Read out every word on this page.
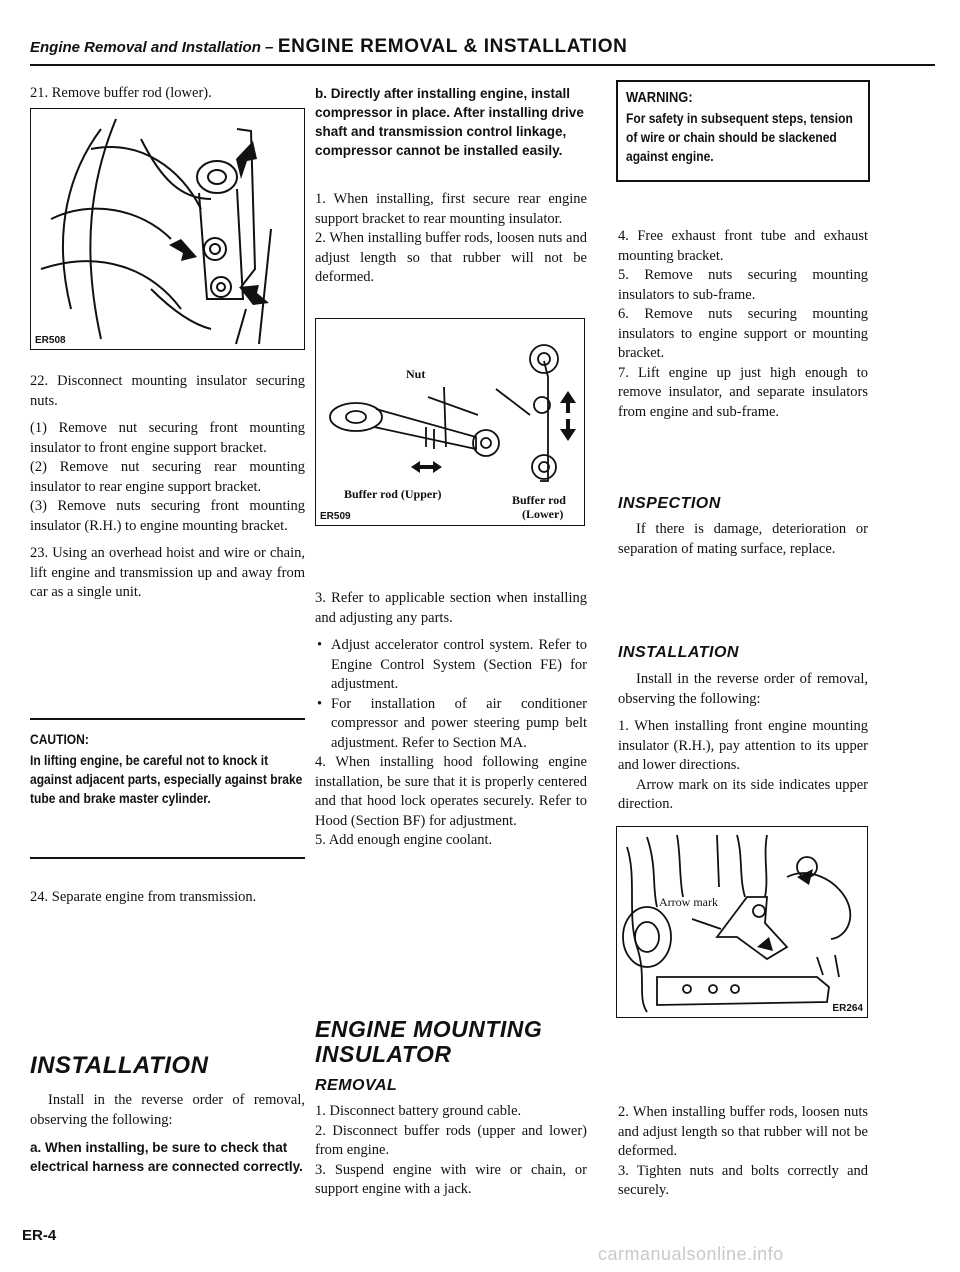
Engine Removal and Installation – ENGINE REMOVAL & INSTALLATION

21. Remove buffer rod (lower).

ER508

22. Disconnect mounting insulator securing nuts.

(1) Remove nut securing front mounting insulator to front engine support bracket.

(2) Remove nut securing rear mounting insulator to rear engine support bracket.

(3) Remove nuts securing front mounting insulator (R.H.) to engine mounting bracket.

23. Using an overhead hoist and wire or chain, lift engine and transmission up and away from car as a single unit.

CAUTION:
In lifting engine, be careful not to knock it against adjacent parts, especially against brake tube and brake master cylinder.

24. Separate engine from transmission.

INSTALLATION

Install in the reverse order of removal, observing the following:

a. When installing, be sure to check that electrical harness are connected correctly.
b. Directly after installing engine, install compressor in place. After installing drive shaft and transmission control linkage, compressor cannot be installed easily.

1. When installing, first secure rear engine support bracket to rear mounting insulator.

2. When installing buffer rods, loosen nuts and adjust length so that rubber will not be deformed.

Nut
Buffer rod (Upper)	Buffer rod
(Lower)
ER509

3. Refer to applicable section when installing and adjusting any parts.

• Adjust accelerator control system. Refer to Engine Control System (Section FE) for adjustment.
• For installation of air conditioner compressor and power steering pump belt adjustment. Refer to Section MA.

4. When installing hood following engine installation, be sure that it is properly centered and that hood lock operates securely. Refer to Hood (Section BF) for adjustment.

5. Add enough engine coolant.

ENGINE MOUNTING
INSULATOR
REMOVAL

1. Disconnect battery ground cable.

2. Disconnect buffer rods (upper and lower) from engine.

3. Suspend engine with wire or chain, or support engine with a jack.

WARNING:
For safety in subsequent steps, tension of wire or chain should be slackened against engine.

4. Free exhaust front tube and exhaust mounting bracket.

5. Remove nuts securing mounting insulators to sub-frame.

6. Remove nuts securing mounting insulators to engine support or mounting bracket.

7. Lift engine up just high enough to remove insulator, and separate insulators from engine and sub-frame.

INSPECTION

If there is damage, deterioration or separation of mating surface, replace.

INSTALLATION

Install in the reverse order of removal, observing the following:

1. When installing front engine mounting insulator (R.H.), pay attention to its upper and lower directions.

Arrow mark on its side indicates upper direction.

Arrow mark
ER264

2. When installing buffer rods, loosen nuts and adjust length so that rubber will not be deformed.

3. Tighten nuts and bolts correctly and securely.

ER-4
carmanualsonline.info
